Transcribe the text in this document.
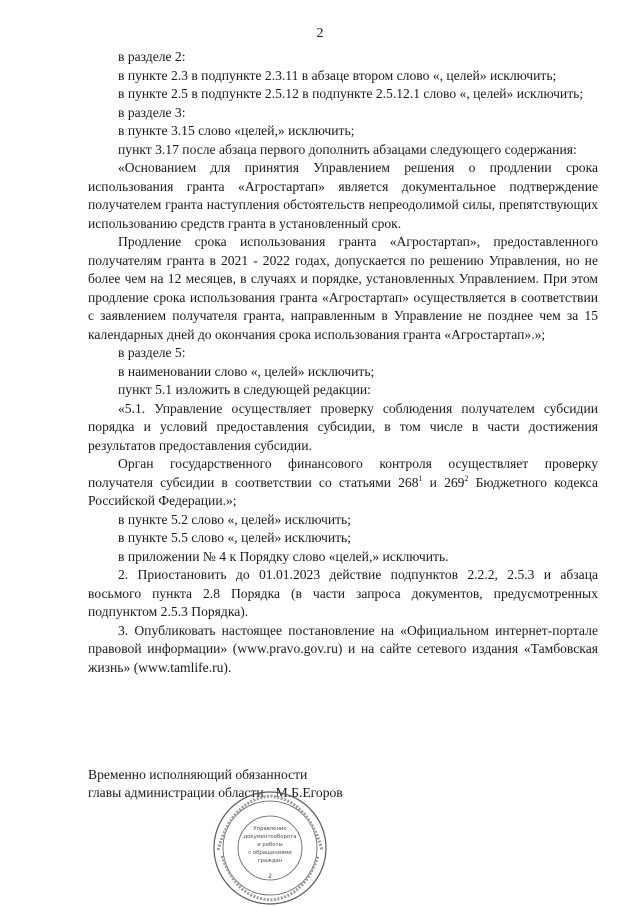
2

в разделе 2:

в пункте 2.3 в подпункте 2.3.11 в абзаце втором слово «, целей» исключить;

в пункте 2.5 в подпункте 2.5.12 в подпункте 2.5.12.1 слово «, целей» исключить;

в разделе 3:

в пункте 3.15 слово «целей,» исключить;

пункт 3.17 после абзаца первого дополнить абзацами следующего содержания:

«Основанием для принятия Управлением решения о продлении срока использования гранта «Агростартап» является документальное подтверждение получателем гранта наступления обстоятельств непреодолимой силы, препятствующих использованию средств гранта в установленный срок.

Продление срока использования гранта «Агростартап», предоставленного получателям гранта в 2021 - 2022 годах, допускается по решению Управления, но не более чем на 12 месяцев, в случаях и порядке, установленных Управлением. При этом продление срока использования гранта «Агростартап» осуществляется в соответствии с заявлением получателя гранта, направленным в Управление не позднее чем за 15 календарных дней до окончания срока использования гранта «Агростартап».»;

в разделе 5:

в наименовании слово «, целей» исключить;

пункт 5.1 изложить в следующей редакции:

«5.1. Управление осуществляет проверку соблюдения получателем субсидии порядка и условий предоставления субсидии, в том числе в части достижения результатов предоставления субсидии.

Орган государственного финансового контроля осуществляет проверку получателя субсидии в соответствии со статьями $268^1$ и $269^2$ Бюджетного кодекса Российской Федерации.»;

в пункте 5.2 слово «, целей» исключить;

в пункте 5.5 слово «, целей» исключить;

в приложении № 4 к Порядку слово «целей,» исключить.

2. Приостановить до 01.01.2023 действие подпунктов 2.2.2, 2.5.3 и абзаца восьмого пункта 2.8 Порядка (в части запроса документов, предусмотренных подпунктом 2.5.3 Порядка).

3. Опубликовать настоящее постановление на «Официальном интернет-портале правовой информации» (www.pravo.gov.ru) и на сайте сетевого издания «Тамбовская жизнь» (www.tamlife.ru).

Временно исполняющий обязанности
главы администрации области М.Б.Егоров
Управление
документооборота
и работы
с обращениями
граждан
2
